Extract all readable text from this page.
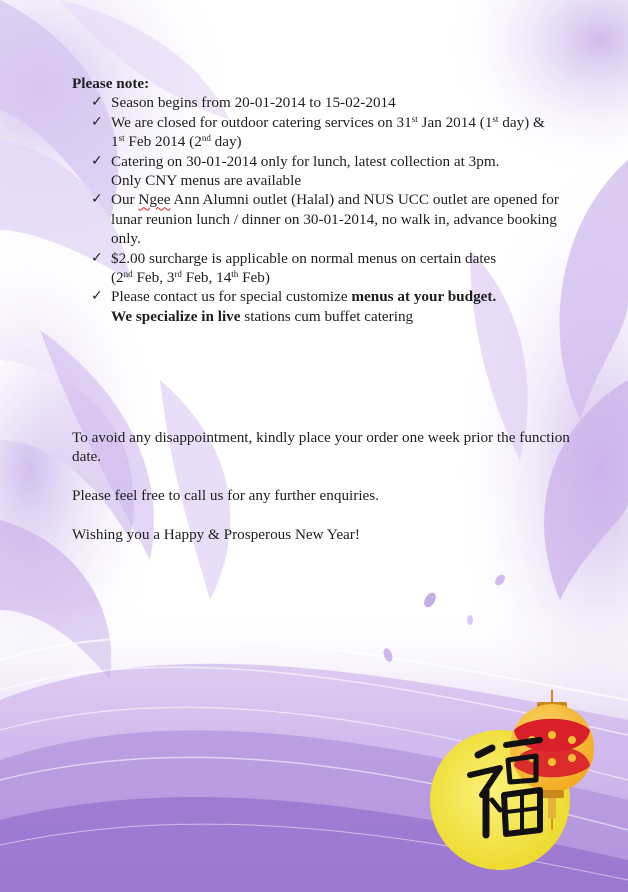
Please note:

✓ Season begins from 20-01-2014 to 15-02-2014
✓ We are closed for outdoor catering services on 31st Jan 2014 (1st day) & 1st Feb 2014 (2nd day)
✓ Catering on 30-01-2014 only for lunch, latest collection at 3pm.
Only CNY menus are available
✓ Our Ngee Ann Alumni outlet (Halal) and NUS UCC outlet are opened for lunar reunion lunch / dinner on 30-01-2014, no walk in, advance booking only.
✓ $2.00 surcharge is applicable on normal menus on certain dates
(2nd Feb, 3rd Feb, 14th Feb)
✓ Please contact us for special customize menus at your budget.
We specialize in live stations cum buffet catering

To avoid any disappointment, kindly place your order one week prior the function date.

Please feel free to call us for any further enquiries.

Wishing you a Happy & Prosperous New Year!
